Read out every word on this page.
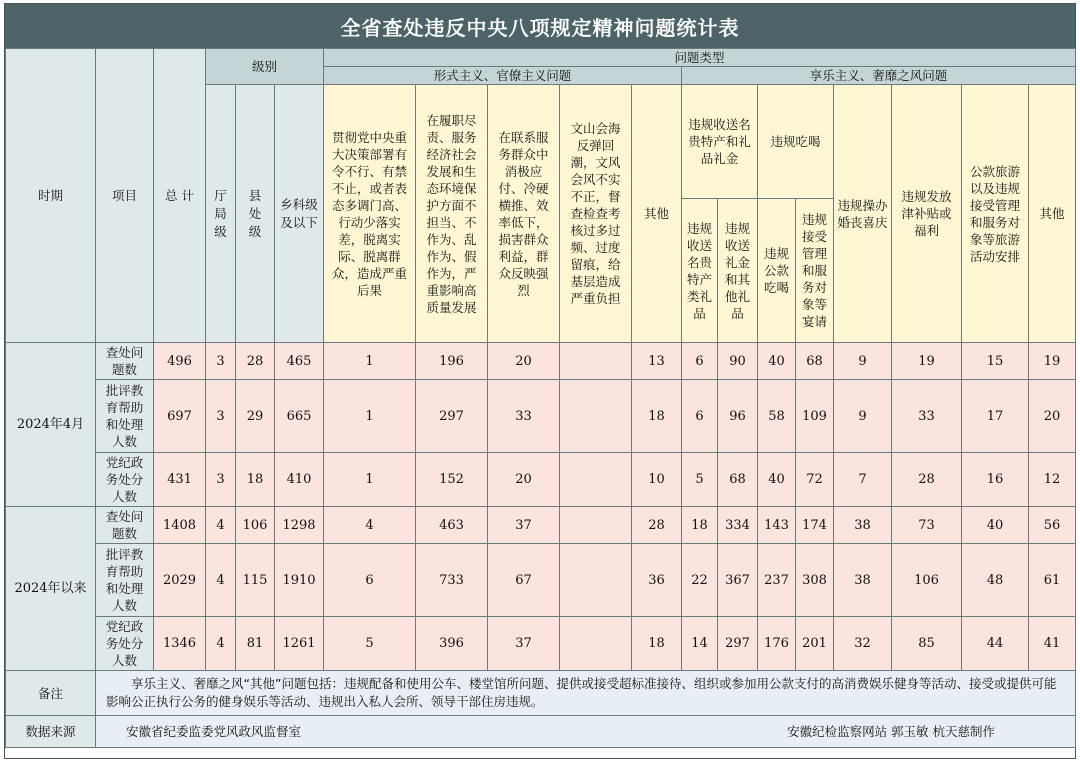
全省查处违反中央八项规定精神问题统计表
时期	项目	总 计	级别			问题类型												
						形式主义、官僚主义问题					享乐主义、奢靡之风问题							

			厅局级	县处级	乡科级及以下	贯彻党中央重大决策部署有令不行、有禁不止，或者表态多调门高、行动少落实差，脱离实际、脱离群众，造成严重后果	在履职尽责、服务经济社会发展和生态环境保护方面不担当、不作为、乱作为、假作为，严重影响高质量发展	在联系服务群众中消极应付、冷硬横推、效率低下，损害群众利益，群众反映强烈	文山会海反弹回潮，文风会风不实不正，督查检查考核过多过频、过度留痕，给基层造成严重负担	其他	违规收送名贵特产和礼品礼金		违规吃喝		违规操办婚丧喜庆	违规发放津补贴或福利	公款旅游以及违规接受管理和服务对象等旅游活动安排	其他

											违规收送名贵特产类礼品	违规收送礼金和其他礼品	违规公款吃喝	违规接受管理和服务对象等宴请				

2024年4月	查处问题数	496	3	28	465	1	196	20		13	6	90	40	68	9	19	15	19

	批评教育帮助和处理人数	697	3	29	665	1	297	33		18	6	96	58	109	9	33	17	20

	党纪政务处分人数	431	3	18	410	1	152	20		10	5	68	40	72	7	28	16	12
2024年以来	查处问题数	1408	4	106	1298	4	463	37		28	18	334	143	174	38	73	40	56

	批评教育帮助和处理人数	2029	4	115	1910	6	733	67		36	22	367	237	308	38	106	48	61

	党纪政务处分人数	1346	4	81	1261	5	396	37		18	14	297	176	201	32	85	44	41
备注	享乐主义、奢靡之风“其他”问题包括：违规配备和使用公车、楼堂馆所问题、提供或接受超标准接待、组织或参加用公款支付的高消费娱乐健身等活动、接受或提供可能影响公正执行公务的健身娱乐等活动、违规出入私人会所、领导干部住房违规。																	
数据来源	安徽省纪委监委党风政风监督室 安徽纪检监察网站 郭玉敏 杭天慈制作																	
